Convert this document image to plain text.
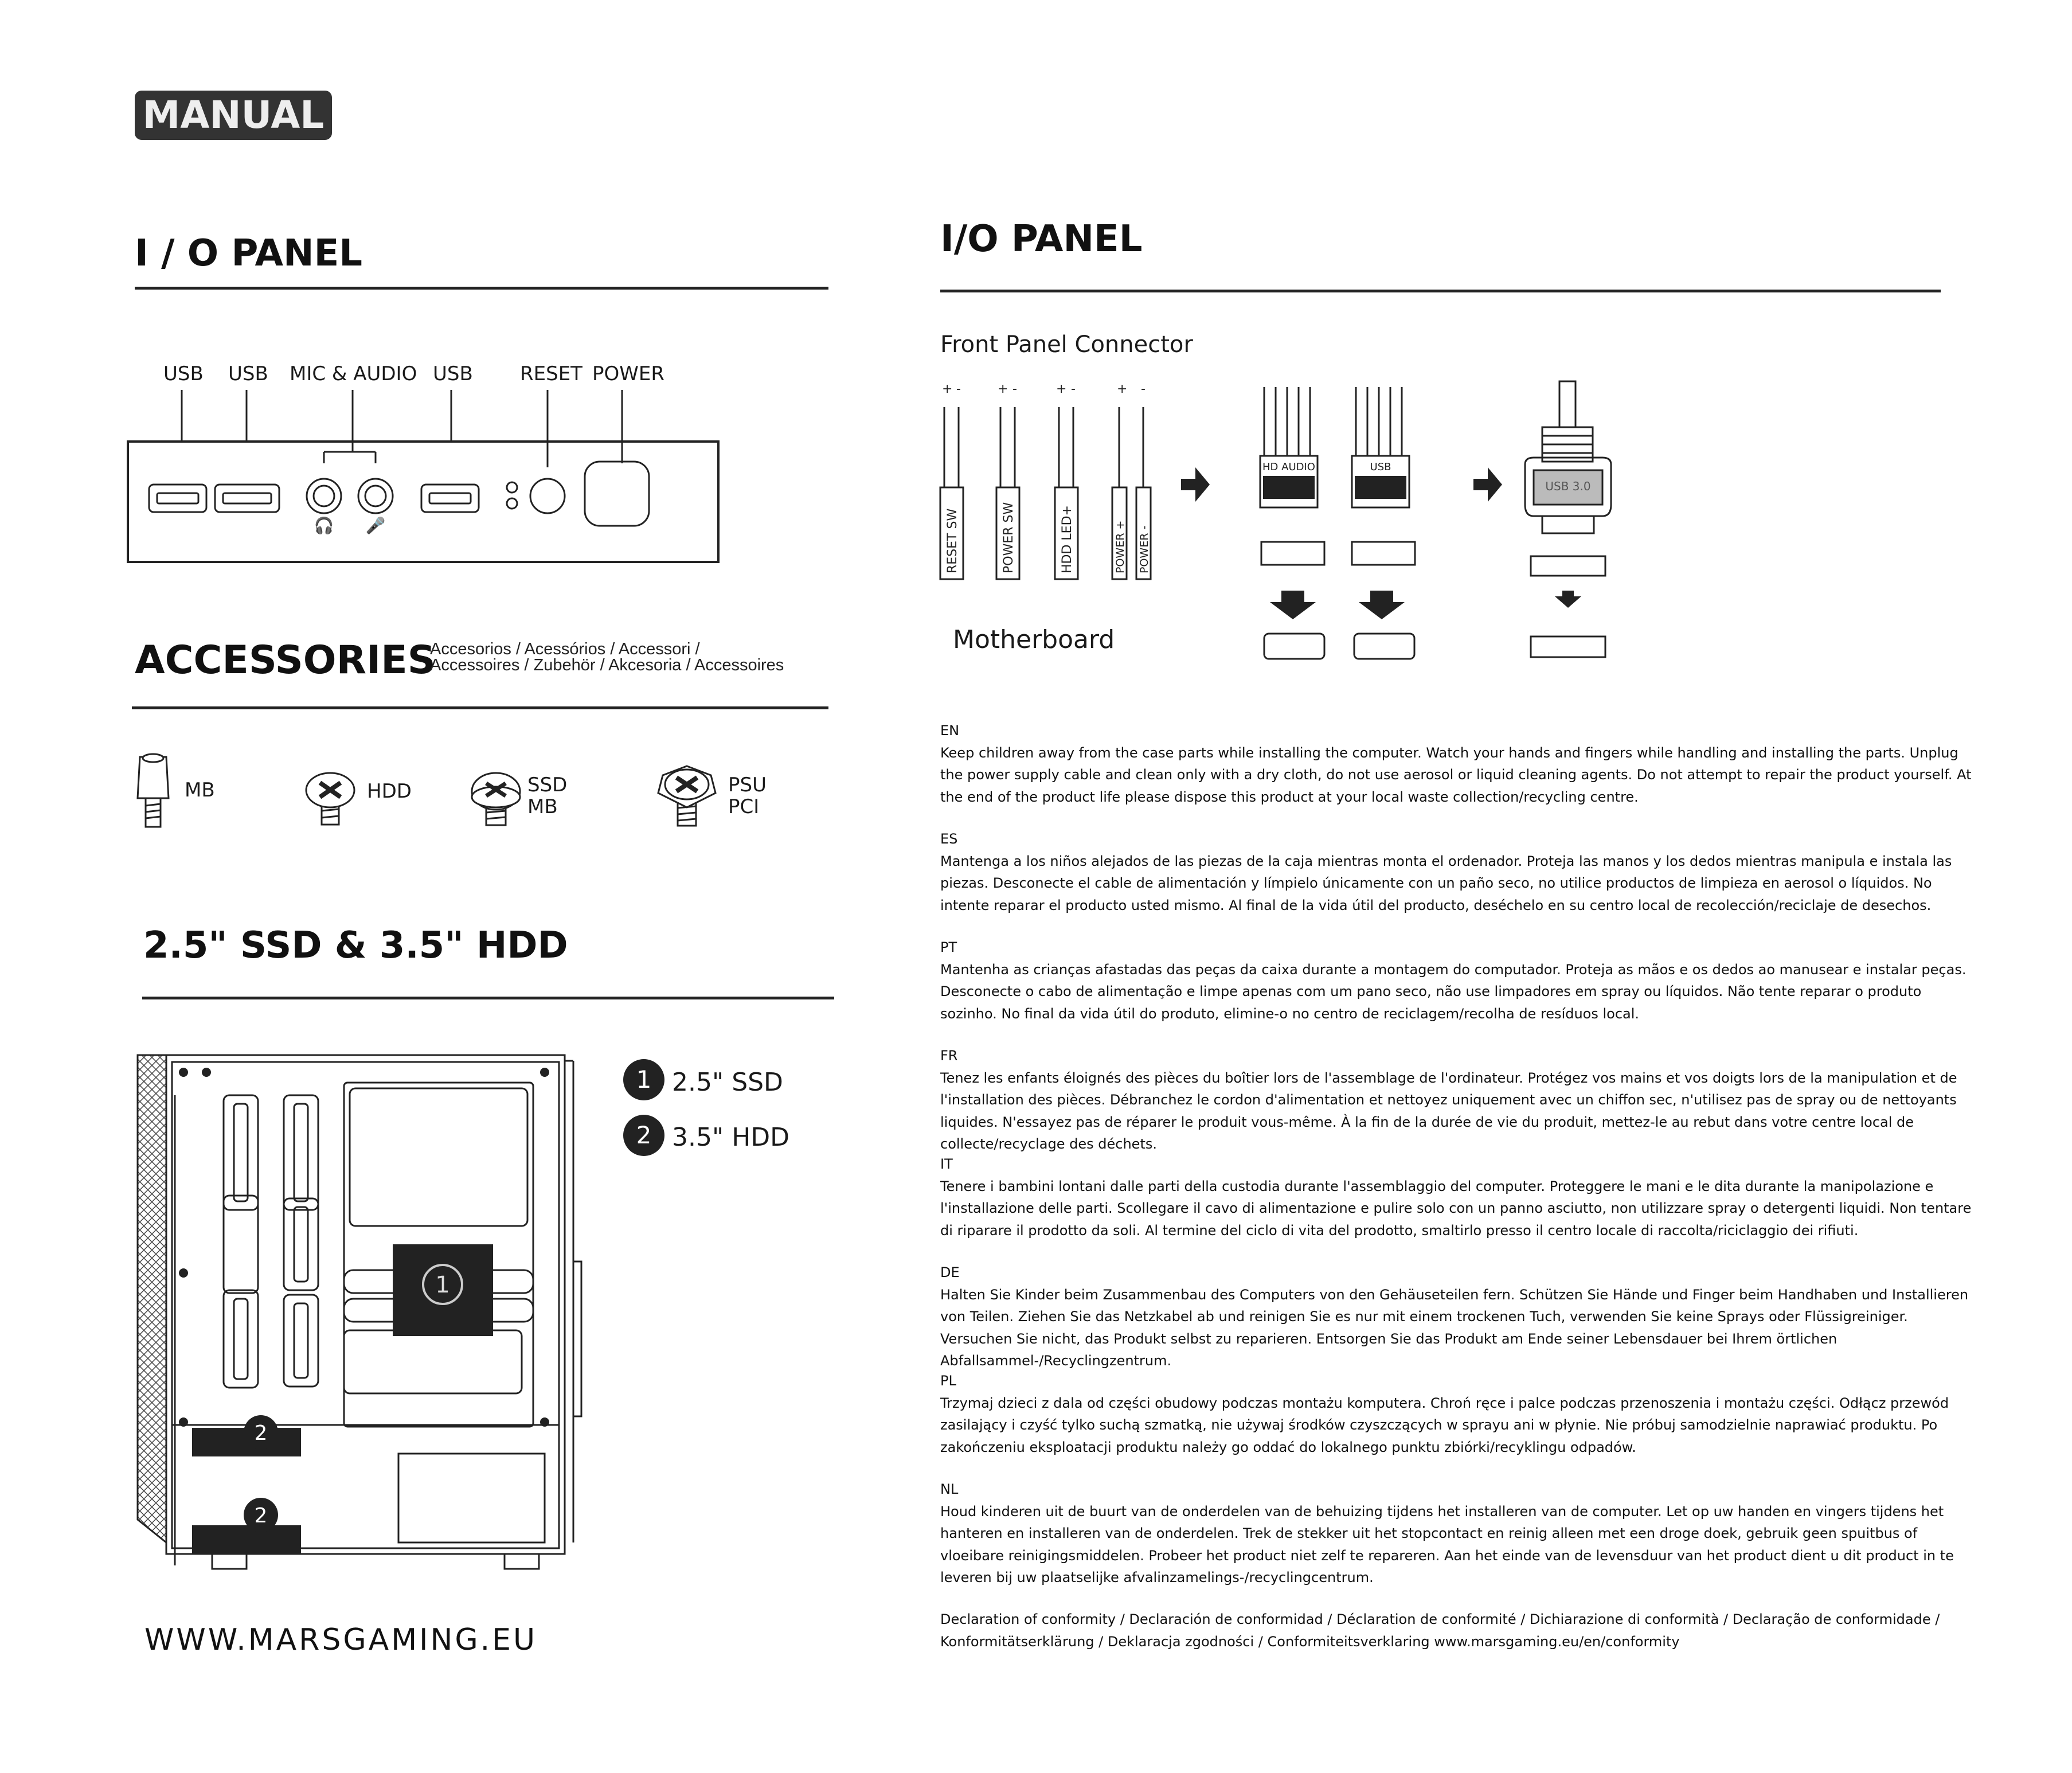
MANUAL
I / O PANEL
USB USB MIC & AUDIO USB RESET POWER
🎧 🎤
ACCESSORIES
Accesorios / Acessórios / Accessori /
Accessoires / Zubehör / Akcesoria / Accessoires
MB	HDD	SSD
MB
PSU
PCI
2.5" SSD & 3.5" HDD
1
2
2
1 2.5" SSD
2 3.5" HDD
WWW.MARSGAMING.EU
I/O PANEL
Front Panel Connector
Motherboard
+ -	+ -	+ -	+ -
RESET SW	POWER SW	HDD LED+	POWER + POWER -
HD AUDIO	USB
USB 3.0
EN
Keep children away from the case parts while installing the computer. Watch your hands and fingers while handling and installing the parts. Unplug the power supply cable and clean only with a dry cloth, do not use aerosol or liquid cleaning agents. Do not attempt to repair the product yourself. At the end of the product life please dispose this product at your local waste collection/recycling centre.
ES
Mantenga a los niños alejados de las piezas de la caja mientras monta el ordenador. Proteja las manos y los dedos mientras manipula e instala las piezas. Desconecte el cable de alimentación y límpielo únicamente con un paño seco, no utilice productos de limpieza en aerosol o líquidos. No intente reparar el producto usted mismo. Al final de la vida útil del producto, deséchelo en su centro local de recolección/reciclaje de desechos.
PT
Mantenha as crianças afastadas das peças da caixa durante a montagem do computador. Proteja as mãos e os dedos ao manusear e instalar peças. Desconecte o cabo de alimentação e limpe apenas com um pano seco, não use limpadores em spray ou líquidos. Não tente reparar o produto sozinho. No final da vida útil do produto, elimine-o no centro de reciclagem/recolha de resíduos local.
FR
Tenez les enfants éloignés des pièces du boîtier lors de l'assemblage de l'ordinateur. Protégez vos mains et vos doigts lors de la manipulation et de l'installation des pièces. Débranchez le cordon d'alimentation et nettoyez uniquement avec un chiffon sec, n'utilisez pas de spray ou de nettoyants liquides. N'essayez pas de réparer le produit vous-même. À la fin de la durée de vie du produit, mettez-le au rebut dans votre centre local de collecte/recyclage des déchets.
IT
Tenere i bambini lontani dalle parti della custodia durante l'assemblaggio del computer. Proteggere le mani e le dita durante la manipolazione e l'installazione delle parti. Scollegare il cavo di alimentazione e pulire solo con un panno asciutto, non utilizzare spray o detergenti liquidi. Non tentare di riparare il prodotto da soli. Al termine del ciclo di vita del prodotto, smaltirlo presso il centro locale di raccolta/riciclaggio dei rifiuti.
DE
Halten Sie Kinder beim Zusammenbau des Computers von den Gehäuseteilen fern. Schützen Sie Hände und Finger beim Handhaben und Installieren von Teilen. Ziehen Sie das Netzkabel ab und reinigen Sie es nur mit einem trockenen Tuch, verwenden Sie keine Sprays oder Flüssigreiniger. Versuchen Sie nicht, das Produkt selbst zu reparieren. Entsorgen Sie das Produkt am Ende seiner Lebensdauer bei Ihrem örtlichen Abfallsammel-/Recyclingzentrum.
PL
Trzymaj dzieci z dala od części obudowy podczas montażu komputera. Chroń ręce i palce podczas przenoszenia i montażu części. Odłącz przewód zasilający i czyść tylko suchą szmatką, nie używaj środków czyszczących w sprayu ani w płynie. Nie próbuj samodzielnie naprawiać produktu. Po zakończeniu eksploatacji produktu należy go oddać do lokalnego punktu zbiórki/recyklingu odpadów.
NL
Houd kinderen uit de buurt van de onderdelen van de behuizing tijdens het installeren van de computer. Let op uw handen en vingers tijdens het hanteren en installeren van de onderdelen. Trek de stekker uit het stopcontact en reinig alleen met een droge doek, gebruik geen spuitbus of vloeibare reinigingsmiddelen. Probeer het product niet zelf te repareren. Aan het einde van de levensduur van het product dient u dit product in te leveren bij uw plaatselijke afvalinzamelings-/recyclingcentrum.
Declaration of conformity / Declaración de conformidad / Déclaration de conformité / Dichiarazione di conformità / Declaração de conformidade / Konformitätserklärung / Deklaracja zgodności / Conformiteitsverklaring www.marsgaming.eu/en/conformity
